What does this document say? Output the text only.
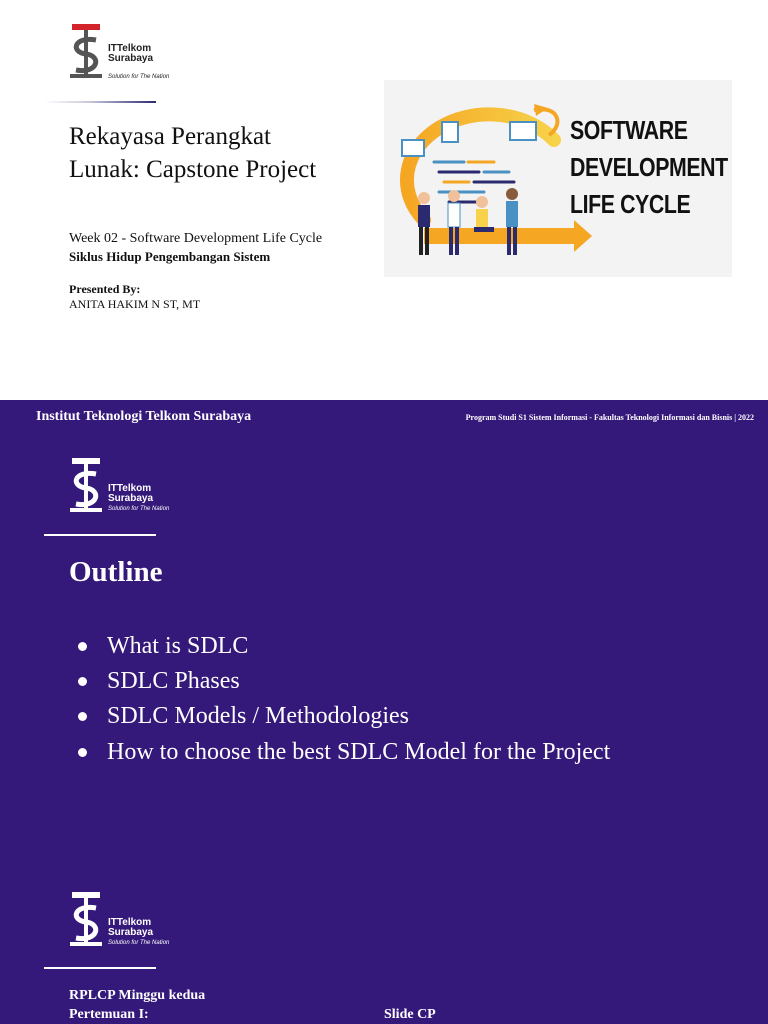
ITTelkom
Surabaya
Solution for The Nation
Rekayasa Perangkat
Lunak: Capstone Project
Week 02 - Software Development Life Cycle
Siklus Hidup Pengembangan Sistem
Presented By:
ANITA HAKIM N ST, MT
SOFTWARE
DEVELOPMENT
LIFE CYCLE
Institut Teknologi Telkom Surabaya	Program Studi S1 Sistem Informasi - Fakultas Teknologi Informasi dan Bisnis | 2022
ITTelkom
Surabaya
Solution for The Nation
Outline
What is SDLC
SDLC Phases
SDLC Models / Methodologies
How to choose the best SDLC Model for the Project
ITTelkom
Surabaya
Solution for The Nation
RPLCP Minggu kedua
Pertemuan I:	Slide CP
